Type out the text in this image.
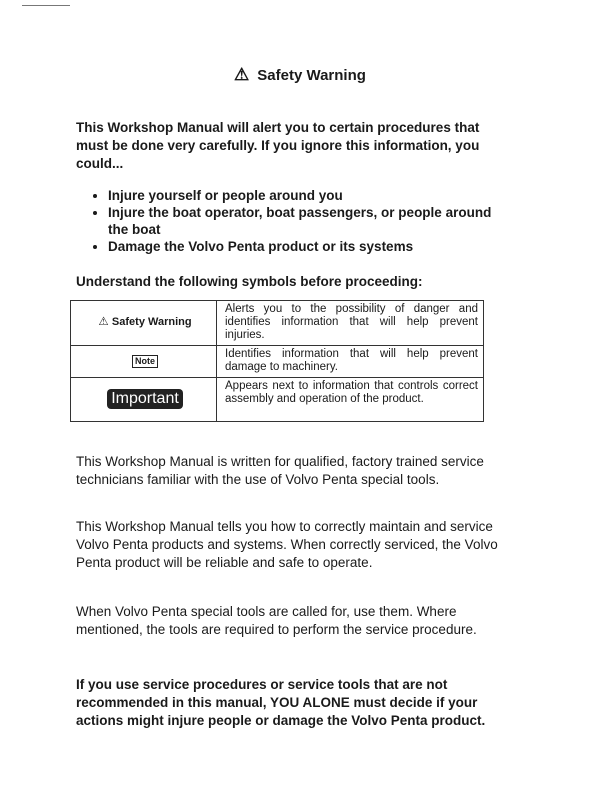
⚠ Safety Warning
This Workshop Manual will alert you to certain procedures that must be done very carefully. If you ignore this information, you could...
• Injure yourself or people around you
• Injure the boat operator, boat passengers, or people around the boat
• Damage the Volvo Penta product or its systems
Understand the following symbols before proceeding:
⚠ Safety Warning	Alerts you to the possibility of danger and identifies information that will help prevent injuries.
Note	Identifies information that will help prevent damage to machinery.
Important	Appears next to information that controls correct assembly and operation of the product.
This Workshop Manual is written for qualified, factory trained service technicians familiar with the use of Volvo Penta special tools.
This Workshop Manual tells you how to correctly maintain and service Volvo Penta products and systems. When correctly serviced, the Volvo Penta product will be reliable and safe to operate.
When Volvo Penta special tools are called for, use them. Where mentioned, the tools are required to perform the service procedure.
If you use service procedures or service tools that are not recommended in this manual, YOU ALONE must decide if your actions might injure people or damage the Volvo Penta product.
